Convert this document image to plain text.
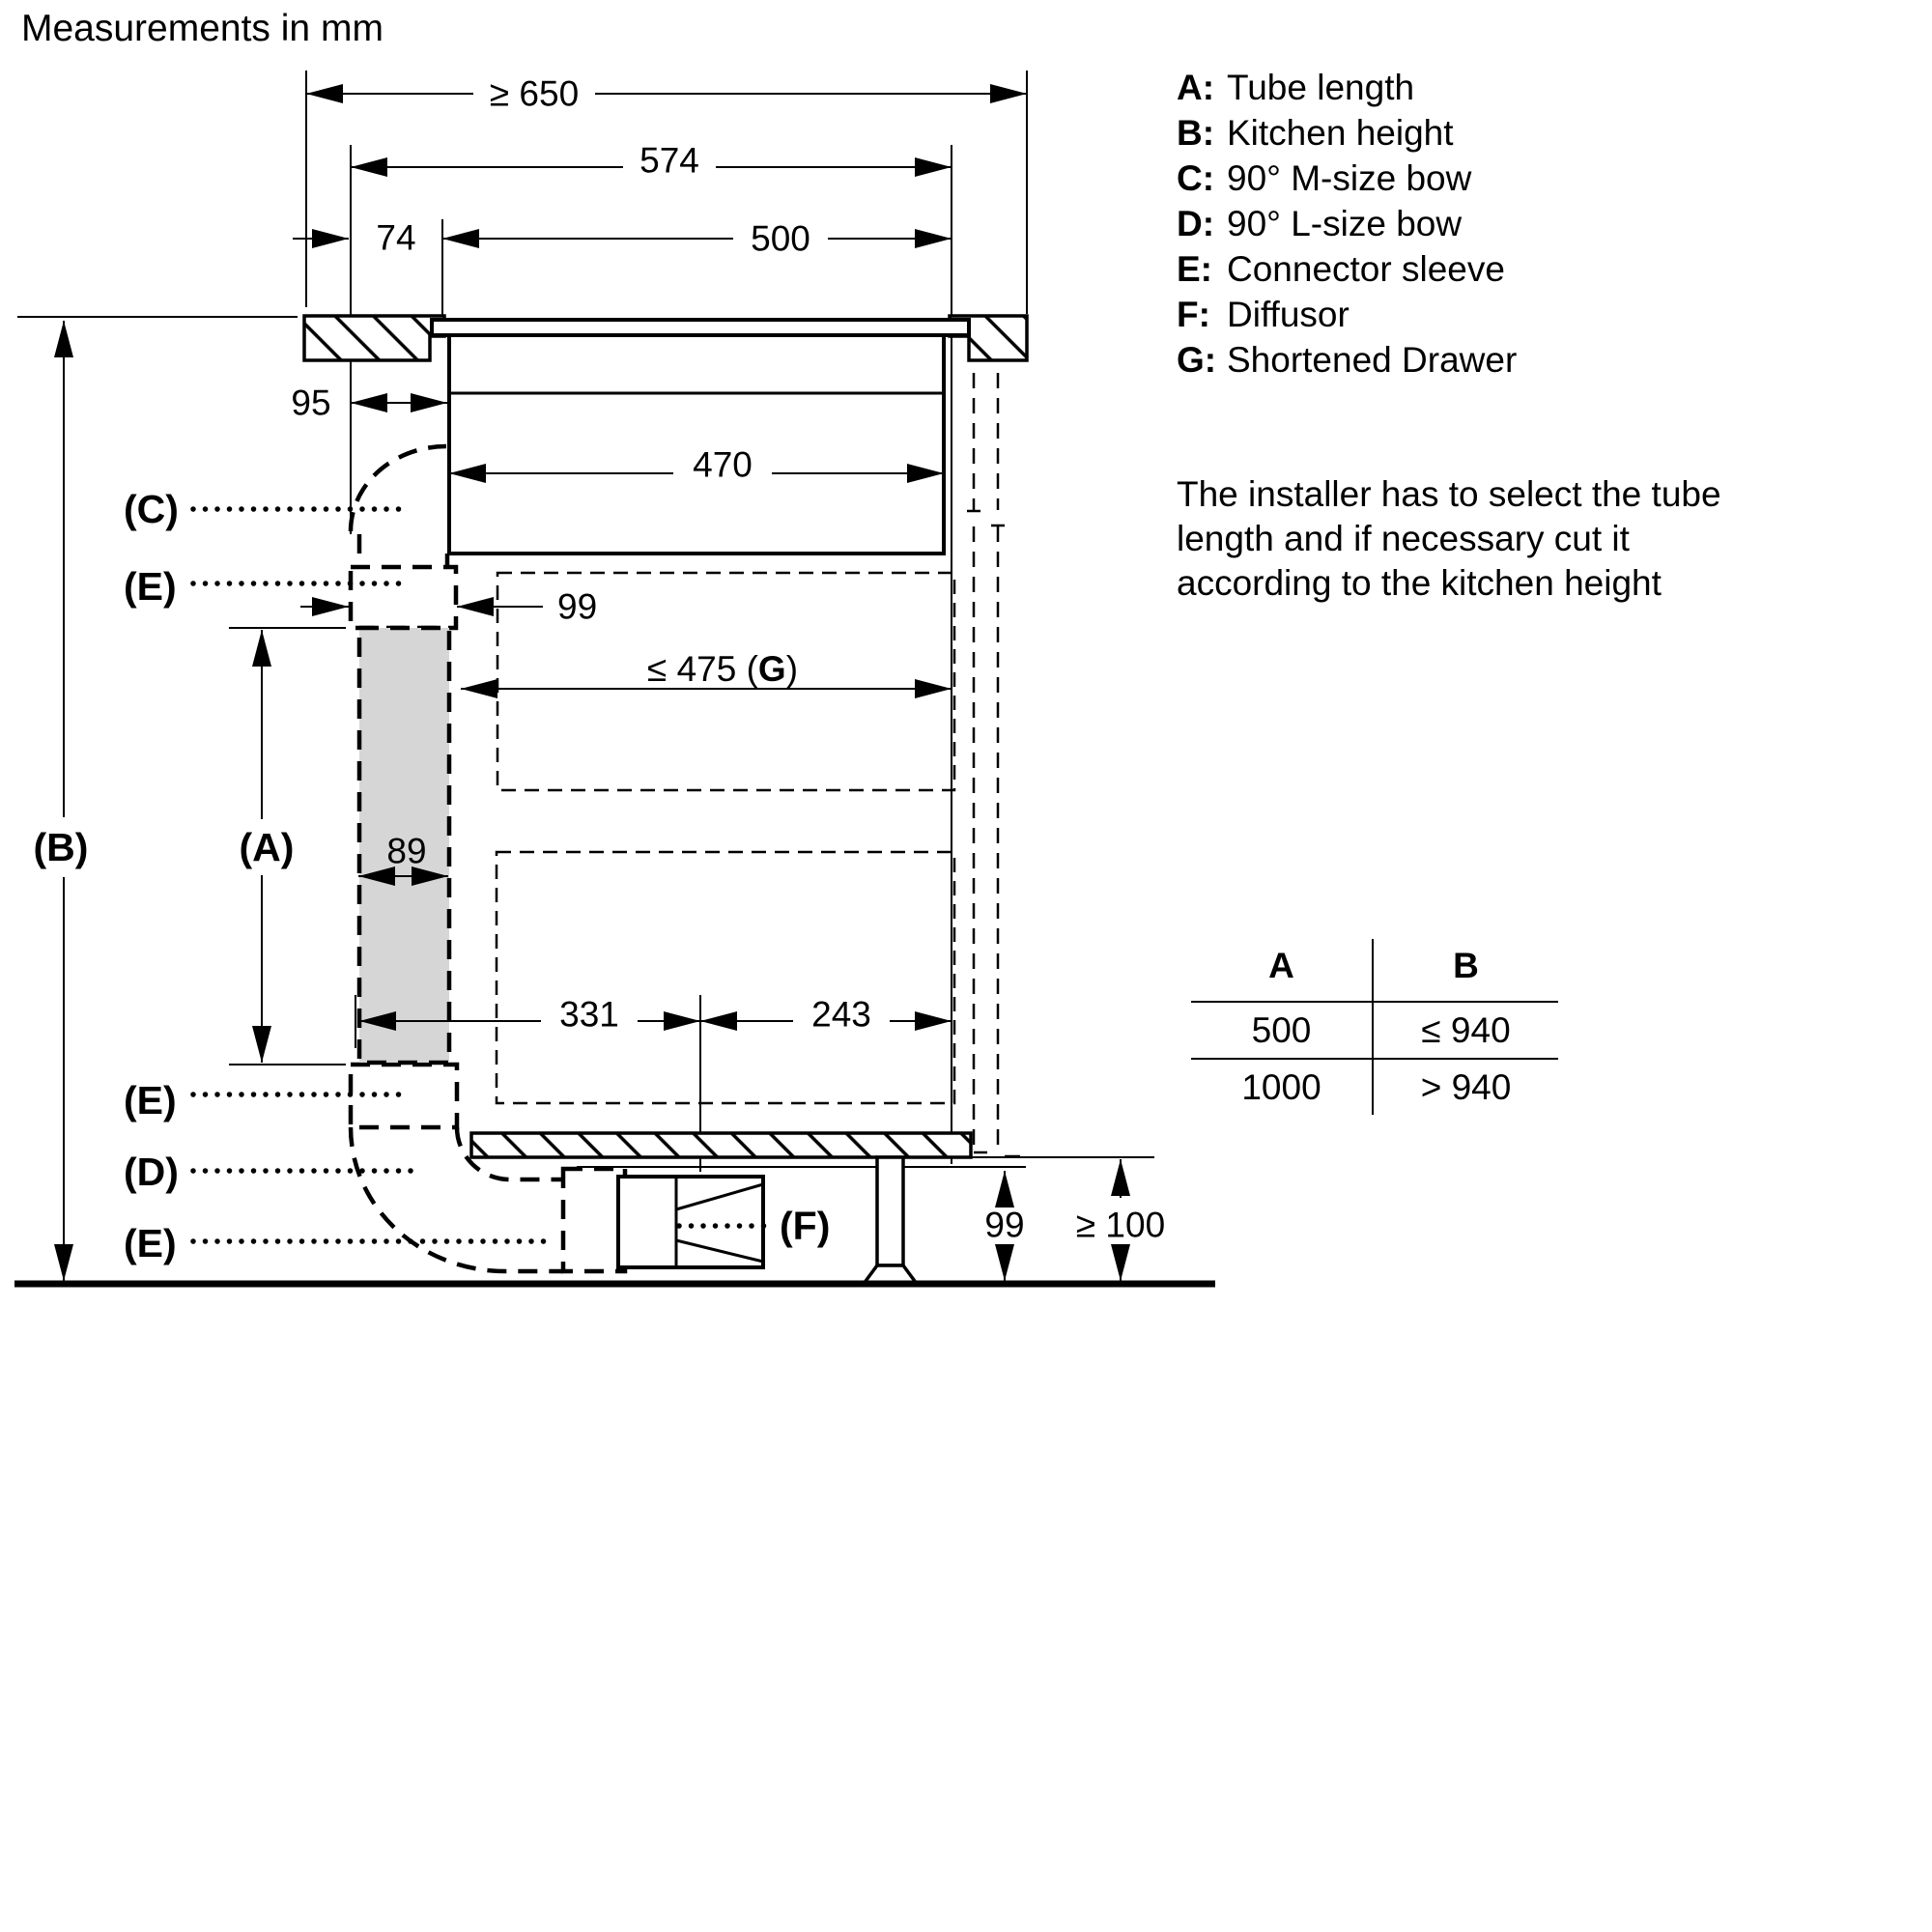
Measurements in mm
≥ 650
574
74	500
95
470
89
331	243
99 ≥ 100
≤ 475 (G)
99
(B)	(A)
(C)
(E)
(E)
(D)
(E)	(F)
A: Tube length
B: Kitchen height
C: 90° M-size bow
D: 90° L-size bow
E: Connector sleeve
F: Diffusor
G: Shortened Drawer
The installer has to select the tube
length and if necessary cut it
according to the kitchen height
A	B
500	≤ 940
1000	> 940
